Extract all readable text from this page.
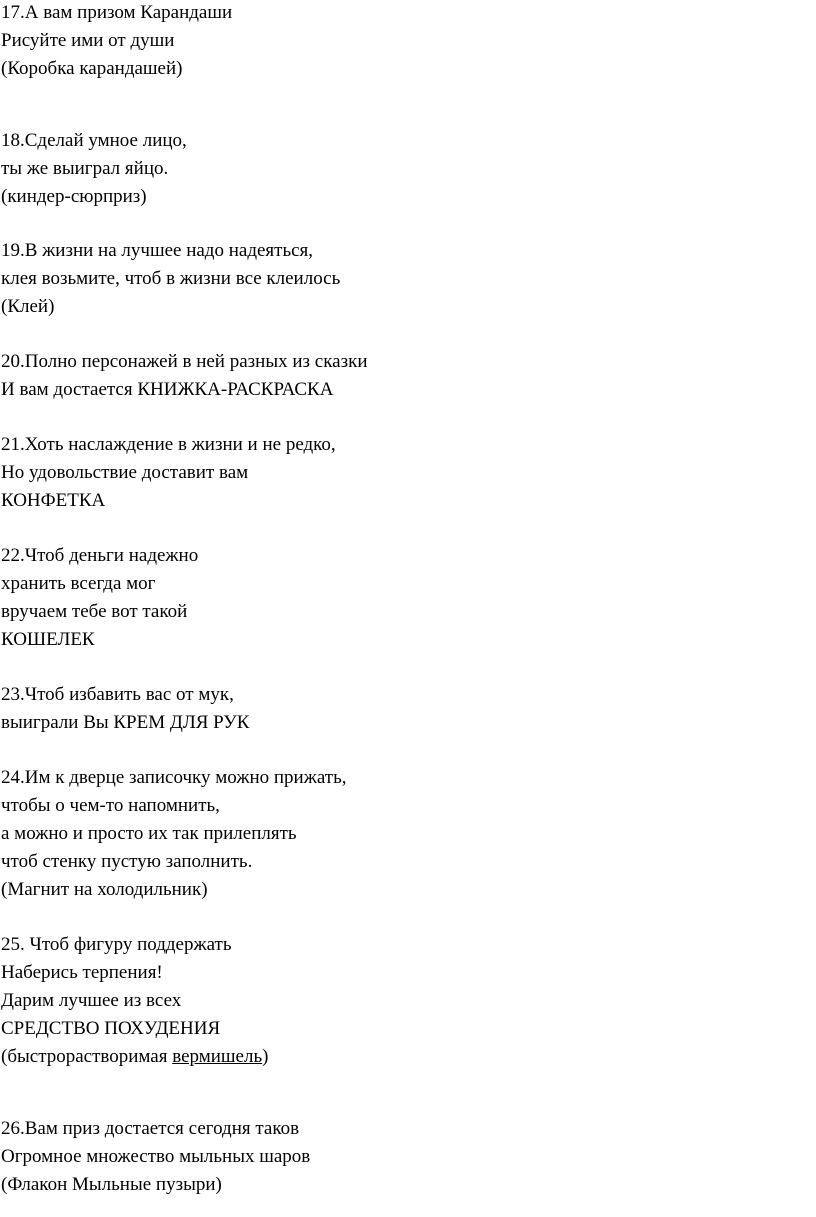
17.А вам призом Карандаши
Рисуйте ими от души
(Коробка карандашей)
18.Сделай умное лицо,
ты же выиграл яйцо.
(киндер-сюрприз)
19.В жизни на лучшее надо надеяться,
клея возьмите, чтоб в жизни все клеилось
(Клей)
20.Полно персонажей в ней разных из сказки
И вам достается КНИЖКА-РАСКРАСКА
21.Хоть наслаждение в жизни и не редко,
Но удовольствие доставит вам
КОНФЕТКА
22.Чтоб деньги надежно
хранить всегда мог
вручаем тебе вот такой
КОШЕЛЕК
23.Чтоб избавить вас от мук,
выиграли Вы КРЕМ ДЛЯ РУК
24.Им к дверце записочку можно прижать,
чтобы о чем-то напомнить,
а можно и просто их так прилеплять
чтоб стенку пустую заполнить.
(Магнит на холодильник)
25. Чтоб фигуру поддержать
Наберись терпения!
Дарим лучшее из всех
СРЕДСТВО ПОХУДЕНИЯ
(быстрорастворимая вермишель)
26.Вам приз достается сегодня таков
Огромное множество мыльных шаров
(Флакон Мыльные пузыри)
